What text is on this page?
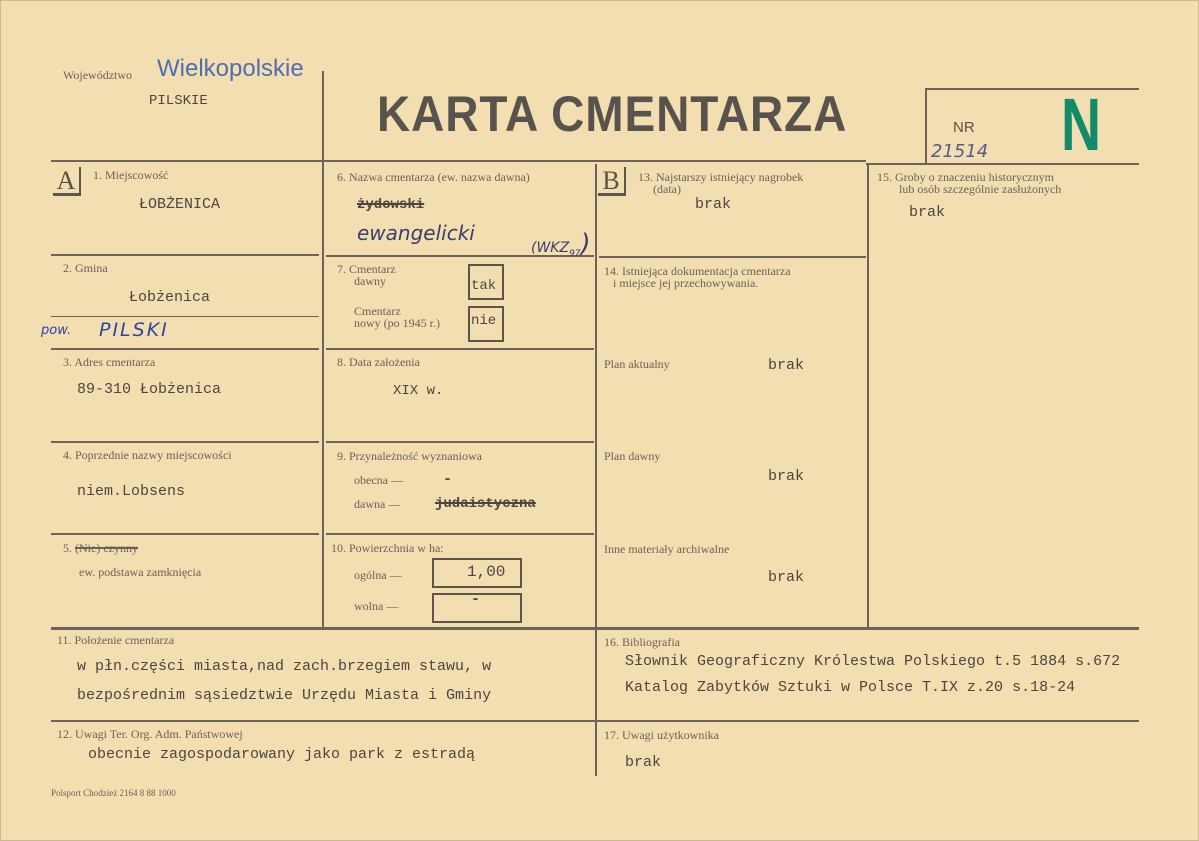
Województwo Wielkopolskie
PILSKIE	KARTA CMENTARZA	NR
21514 N
A	1. Miejscowość
ŁOBŻENICA
2. Gmina
Łobżenica
pow. PILSKI
3. Adres cmentarza
89-310 Łobżenica
4. Poprzednie nazwy miejscowości
niem.Lobsens
5. (Nie) czynny
ew. podstawa zamknięcia
6. Nazwa cmentarza (ew. nazwa dawna)
żydowski
ewangelicki
$(WKZ_{97})$
7. Cmentarz
dawny	tak
Cmentarz
nowy (po 1945 r.) nie
8. Data założenia
XIX w.
9. Przynależność wyznaniowa
obecna —	-
dawna — judaistyczna
10. Powierzchnia w ha:
ogólna —	1,00
wolna —	-
B	13. Najstarszy istniejący nagrobek
(data)
brak
14. Istniejąca dokumentacja cmentarza
i miejsce jej przechowywania.
Plan aktualny	brak
Plan dawny
brak
Inne materiały archiwalne
brak
15. Groby o znaczeniu historycznym
lub osób szczególnie zasłużonych
brak
11. Położenie cmentarza
w płn.części miasta,nad zach.brzegiem stawu, w
bezpośrednim sąsiedztwie Urzędu Miasta i Gminy
12. Uwagi Ter. Org. Adm. Państwowej
obecnie zagospodarowany jako park z estradą
16. Bibliografia
Słownik Geograficzny Królestwa Polskiego t.5 1884 s.672
Katalog Zabytków Sztuki w Polsce T.IX z.20 s.18-24
17. Uwagi użytkownika
brak
Polsport Chodzież 2164 8 88 1000
